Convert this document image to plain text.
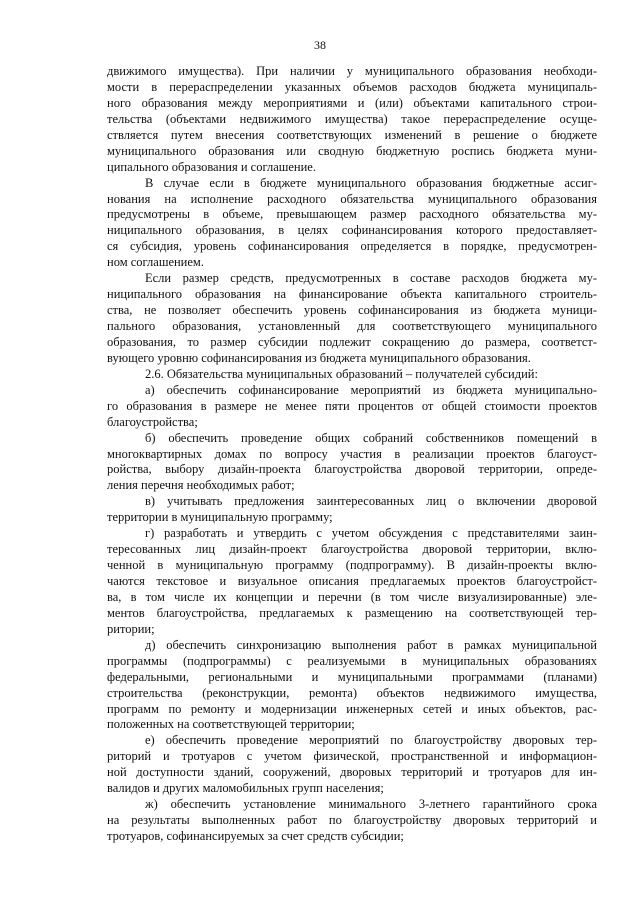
38
движимого имущества). При наличии у муниципального образования необходи-
мости в перераспределении указанных объемов расходов бюджета муниципаль-
ного образования между мероприятиями и (или) объектами капитального строи-
тельства (объектами недвижимого имущества) такое перераспределение осуще-
ствляется путем внесения соответствующих изменений в решение о бюджете
муниципального образования или сводную бюджетную роспись бюджета муни-
ципального образования и соглашение.
В случае если в бюджете муниципального образования бюджетные ассиг-
нования на исполнение расходного обязательства муниципального образования
предусмотрены в объеме, превышающем размер расходного обязательства му-
ниципального образования, в целях софинансирования которого предоставляет-
ся субсидия, уровень софинансирования определяется в порядке, предусмотрен-
ном соглашением.
Если размер средств, предусмотренных в составе расходов бюджета му-
ниципального образования на финансирование объекта капитального строитель-
ства, не позволяет обеспечить уровень софинансирования из бюджета муници-
пального образования, установленный для соответствующего муниципального
образования, то размер субсидии подлежит сокращению до размера, соответст-
вующего уровню софинансирования из бюджета муниципального образования.
2.6. Обязательства муниципальных образований – получателей субсидий:
а) обеспечить софинансирование мероприятий из бюджета муниципально-
го образования в размере не менее пяти процентов от общей стоимости проектов
благоустройства;
б) обеспечить проведение общих собраний собственников помещений в
многоквартирных домах по вопросу участия в реализации проектов благоуст-
ройства, выбору дизайн-проекта благоустройства дворовой территории, опреде-
ления перечня необходимых работ;
в) учитывать предложения заинтересованных лиц о включении дворовой
территории в муниципальную программу;
г) разработать и утвердить с учетом обсуждения с представителями заин-
тересованных лиц дизайн-проект благоустройства дворовой территории, вклю-
ченной в муниципальную программу (подпрограмму). В дизайн-проекты вклю-
чаются текстовое и визуальное описания предлагаемых проектов благоустройст-
ва, в том числе их концепции и перечни (в том числе визуализированные) эле-
ментов благоустройства, предлагаемых к размещению на соответствующей тер-
ритории;
д) обеспечить синхронизацию выполнения работ в рамках муниципальной
программы (подпрограммы) с реализуемыми в муниципальных образованиях
федеральными, региональными и муниципальными программами (планами)
строительства (реконструкции, ремонта) объектов недвижимого имущества,
программ по ремонту и модернизации инженерных сетей и иных объектов, рас-
положенных на соответствующей территории;
е) обеспечить проведение мероприятий по благоустройству дворовых тер-
риторий и тротуаров с учетом физической, пространственной и информацион-
ной доступности зданий, сооружений, дворовых территорий и тротуаров для ин-
валидов и других маломобильных групп населения;
ж) обеспечить установление минимального 3-летнего гарантийного срока
на результаты выполненных работ по благоустройству дворовых территорий и
тротуаров, софинансируемых за счет средств субсидии;
